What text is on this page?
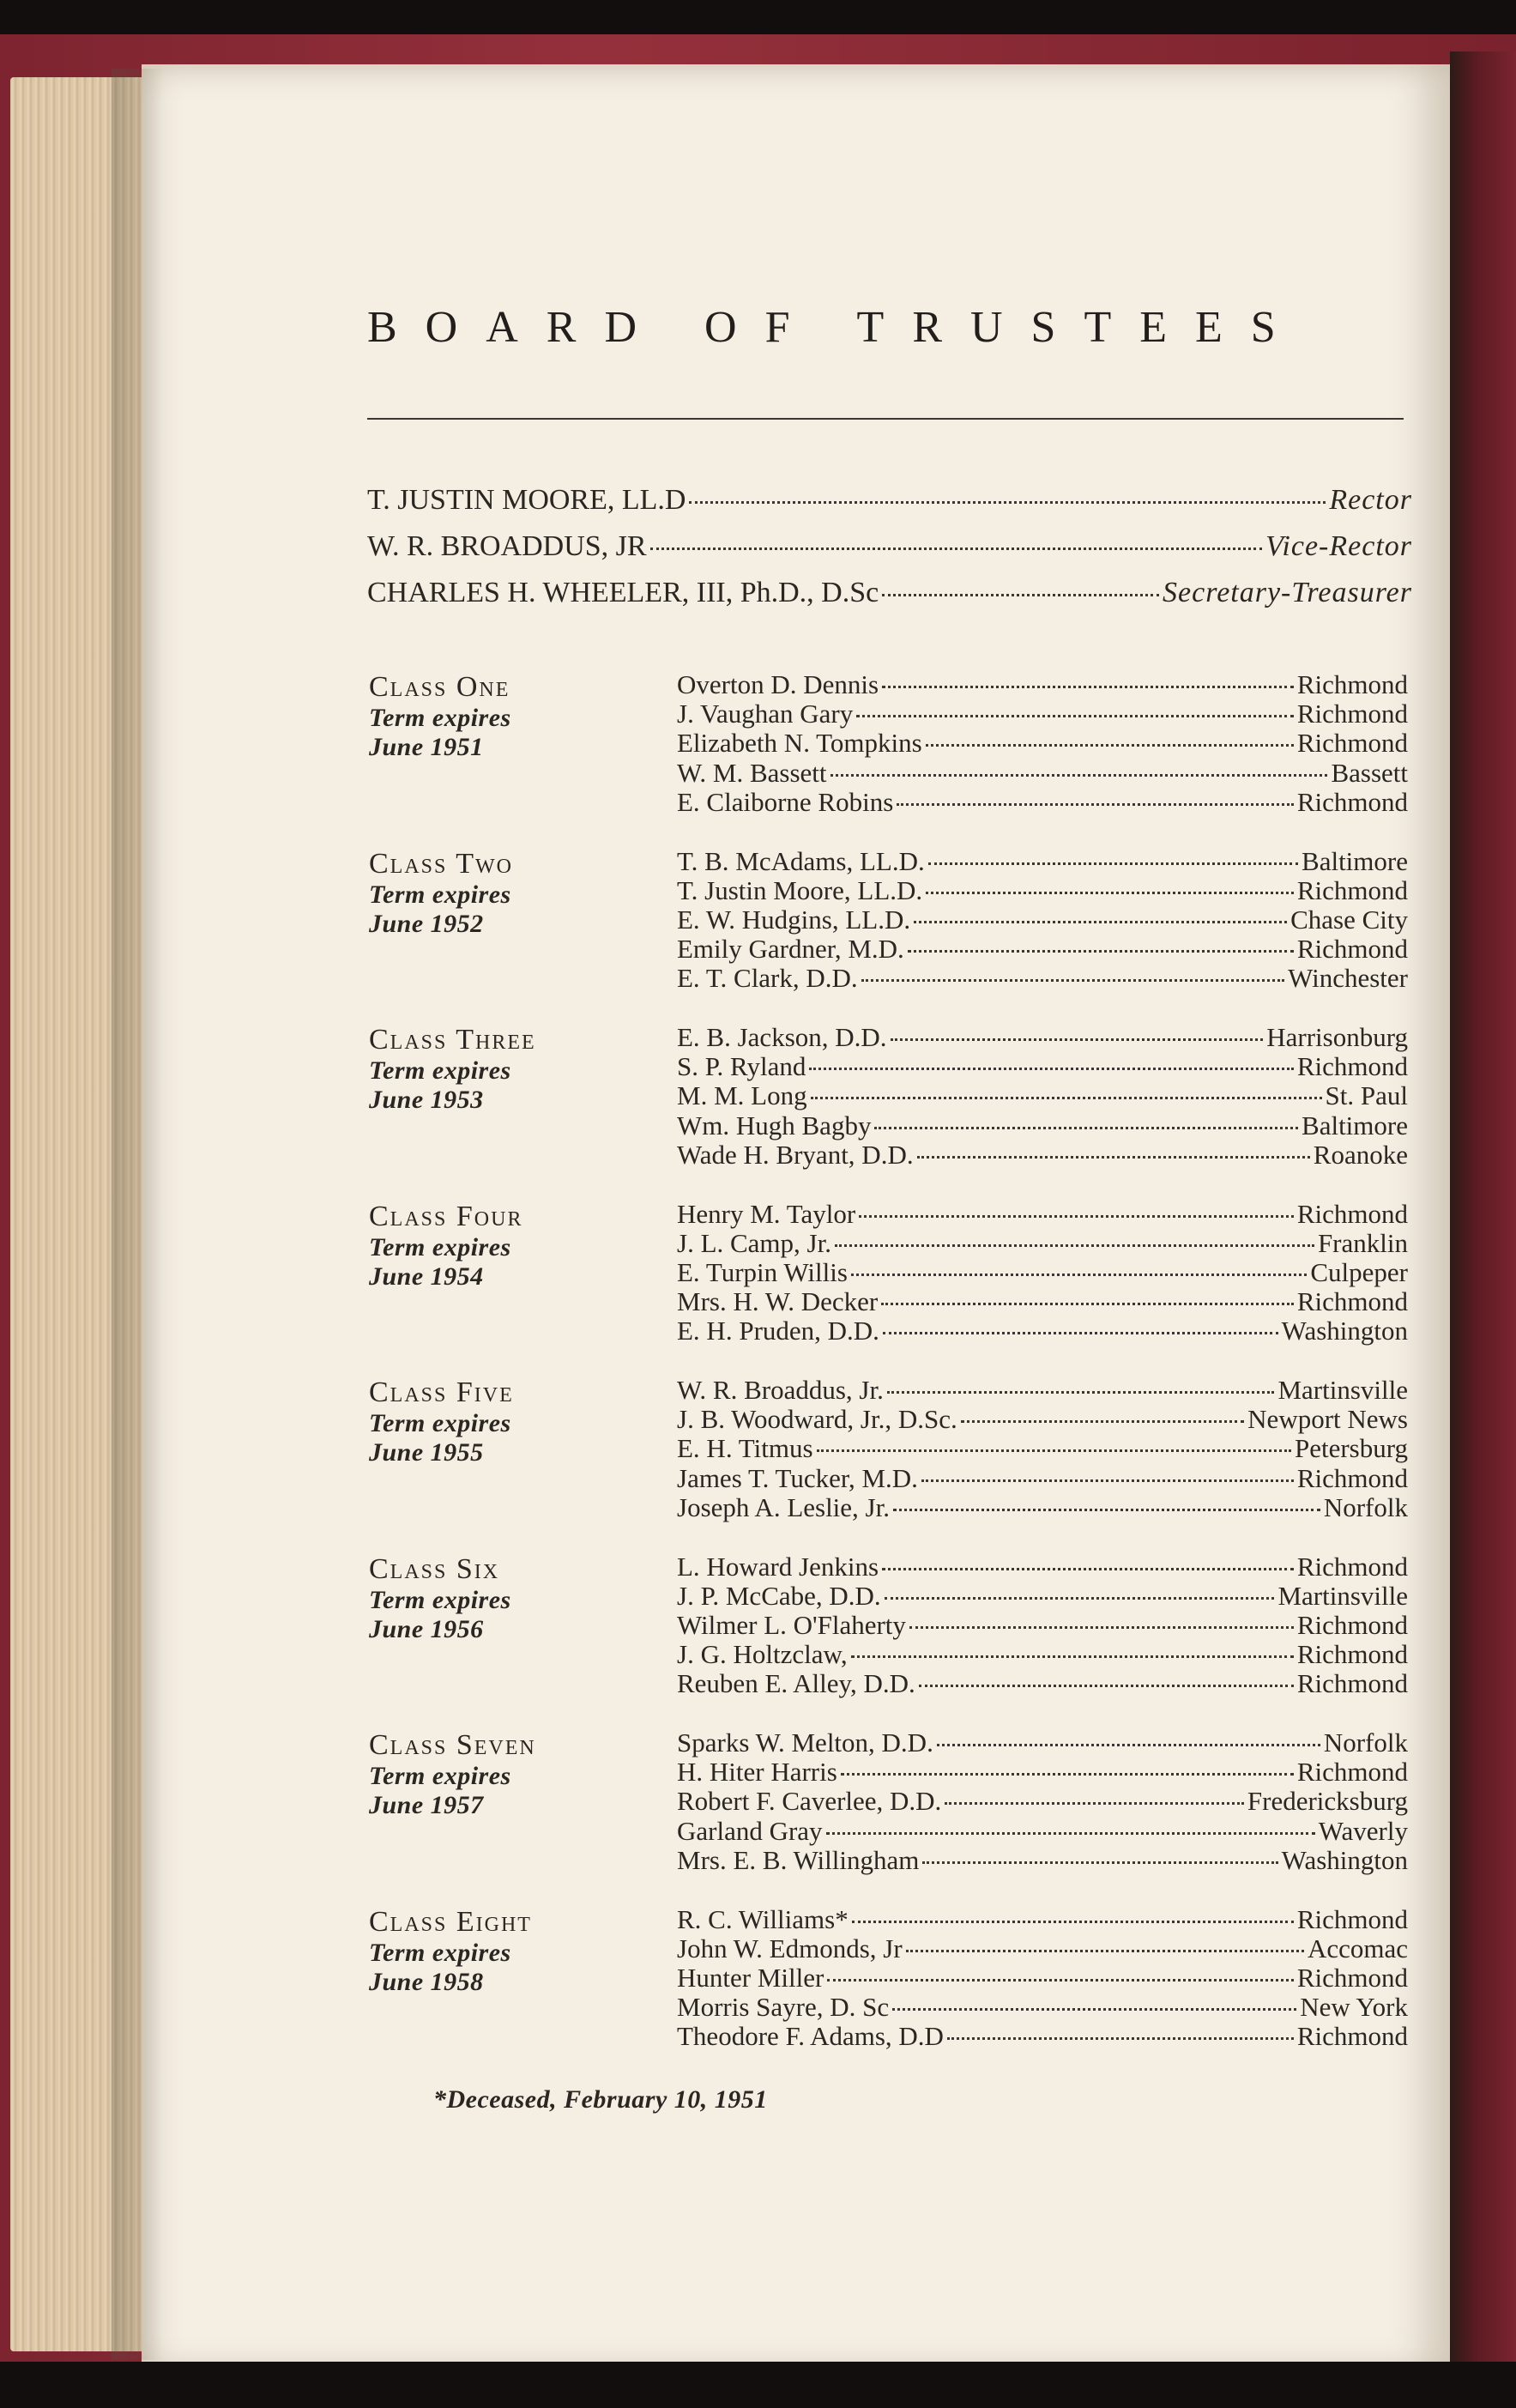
BOARD OF TRUSTEES
T. JUSTIN MOORE, LL.D	Rector
W. R. BROADDUS, JR	Vice-Rector
CHARLES H. WHEELER, III, Ph.D., D.Sc	Secretary-Treasurer
Class One
Term expires
June 1951
Overton D. Dennis	Richmond
J. Vaughan Gary	Richmond
Elizabeth N. Tompkins	Richmond
W. M. Bassett	Bassett
E. Claiborne Robins	Richmond
Class Two
Term expires
June 1952
T. B. McAdams, LL.D.	Baltimore
T. Justin Moore, LL.D.	Richmond
E. W. Hudgins, LL.D.	Chase City
Emily Gardner, M.D.	Richmond
E. T. Clark, D.D.	Winchester
Class Three
Term expires
June 1953
E. B. Jackson, D.D.	Harrisonburg
S. P. Ryland	Richmond
M. M. Long	St. Paul
Wm. Hugh Bagby	Baltimore
Wade H. Bryant, D.D.	Roanoke
Class Four
Term expires
June 1954
Henry M. Taylor	Richmond
J. L. Camp, Jr.	Franklin
E. Turpin Willis	Culpeper
Mrs. H. W. Decker	Richmond
E. H. Pruden, D.D.	Washington
Class Five
Term expires
June 1955
W. R. Broaddus, Jr.	Martinsville
J. B. Woodward, Jr., D.Sc.	Newport News
E. H. Titmus	Petersburg
James T. Tucker, M.D.	Richmond
Joseph A. Leslie, Jr.	Norfolk
Class Six
Term expires
June 1956
L. Howard Jenkins	Richmond
J. P. McCabe, D.D.	Martinsville
Wilmer L. O'Flaherty	Richmond
J. G. Holtzclaw,	Richmond
Reuben E. Alley, D.D.	Richmond
Class Seven
Term expires
June 1957
Sparks W. Melton, D.D.	Norfolk
H. Hiter Harris	Richmond
Robert F. Caverlee, D.D.	Fredericksburg
Garland Gray	Waverly
Mrs. E. B. Willingham	Washington
Class Eight
Term expires
June 1958
R. C. Williams*	Richmond
John W. Edmonds, Jr	Accomac
Hunter Miller	Richmond
Morris Sayre, D. Sc	New York
Theodore F. Adams, D.D	Richmond
*Deceased, February 10, 1951
